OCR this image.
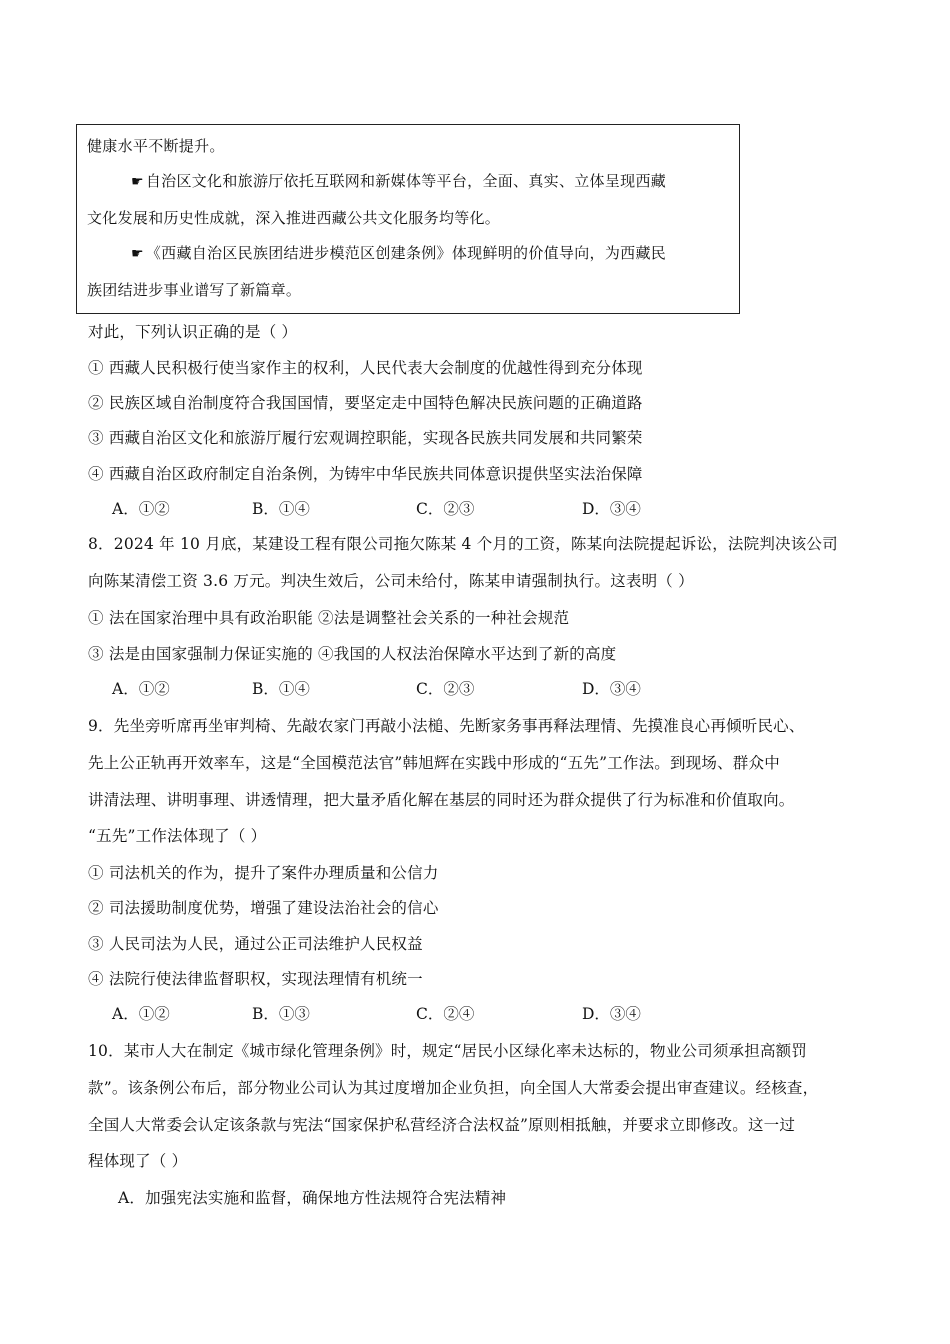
健康水平不断提升。
☛ 自治区文化和旅游厅依托互联网和新媒体等平台，全面、真实、立体呈现西藏
文化发展和历史性成就，深入推进西藏公共文化服务均等化。
☛ 《西藏自治区民族团结进步模范区创建条例》体现鲜明的价值导向，为西藏民
族团结进步事业谱写了新篇章。
对此，下列认识正确的是（ ）
① 西藏人民积极行使当家作主的权利，人民代表大会制度的优越性得到充分体现
② 民族区域自治制度符合我国国情，要坚定走中国特色解决民族问题的正确道路
③ 西藏自治区文化和旅游厅履行宏观调控职能，实现各民族共同发展和共同繁荣
④ 西藏自治区政府制定自治条例，为铸牢中华民族共同体意识提供坚实法治保障
A．①②	B．①④	C．②③	D．③④
8．2024 年 10 月底，某建设工程有限公司拖欠陈某 4 个月的工资，陈某向法院提起诉讼，法院判决该公司
向陈某清偿工资 3.6 万元。判决生效后，公司未给付，陈某申请强制执行。这表明（ ）
① 法在国家治理中具有政治职能 ②法是调整社会关系的一种社会规范
③ 法是由国家强制力保证实施的 ④我国的人权法治保障水平达到了新的高度
A．①②	B．①④	C．②③	D．③④
9．先坐旁听席再坐审判椅、先敲农家门再敲小法槌、先断家务事再释法理情、先摸准良心再倾听民心、
先上公正轨再开效率车，这是“全国模范法官”韩旭辉在实践中形成的“五先”工作法。到现场、群众中
讲清法理、讲明事理、讲透情理，把大量矛盾化解在基层的同时还为群众提供了行为标准和价值取向。
“五先”工作法体现了（ ）
① 司法机关的作为，提升了案件办理质量和公信力
② 司法援助制度优势，增强了建设法治社会的信心
③ 人民司法为人民，通过公正司法维护人民权益
④ 法院行使法律监督职权，实现法理情有机统一
A．①②	B．①③	C．②④	D．③④
10．某市人大在制定《城市绿化管理条例》时，规定“居民小区绿化率未达标的，物业公司须承担高额罚
款”。该条例公布后，部分物业公司认为其过度增加企业负担，向全国人大常委会提出审查建议。经核查，
全国人大常委会认定该条款与宪法“国家保护私营经济合法权益”原则相抵触，并要求立即修改。这一过
程体现了（ ）
A．加强宪法实施和监督，确保地方性法规符合宪法精神
